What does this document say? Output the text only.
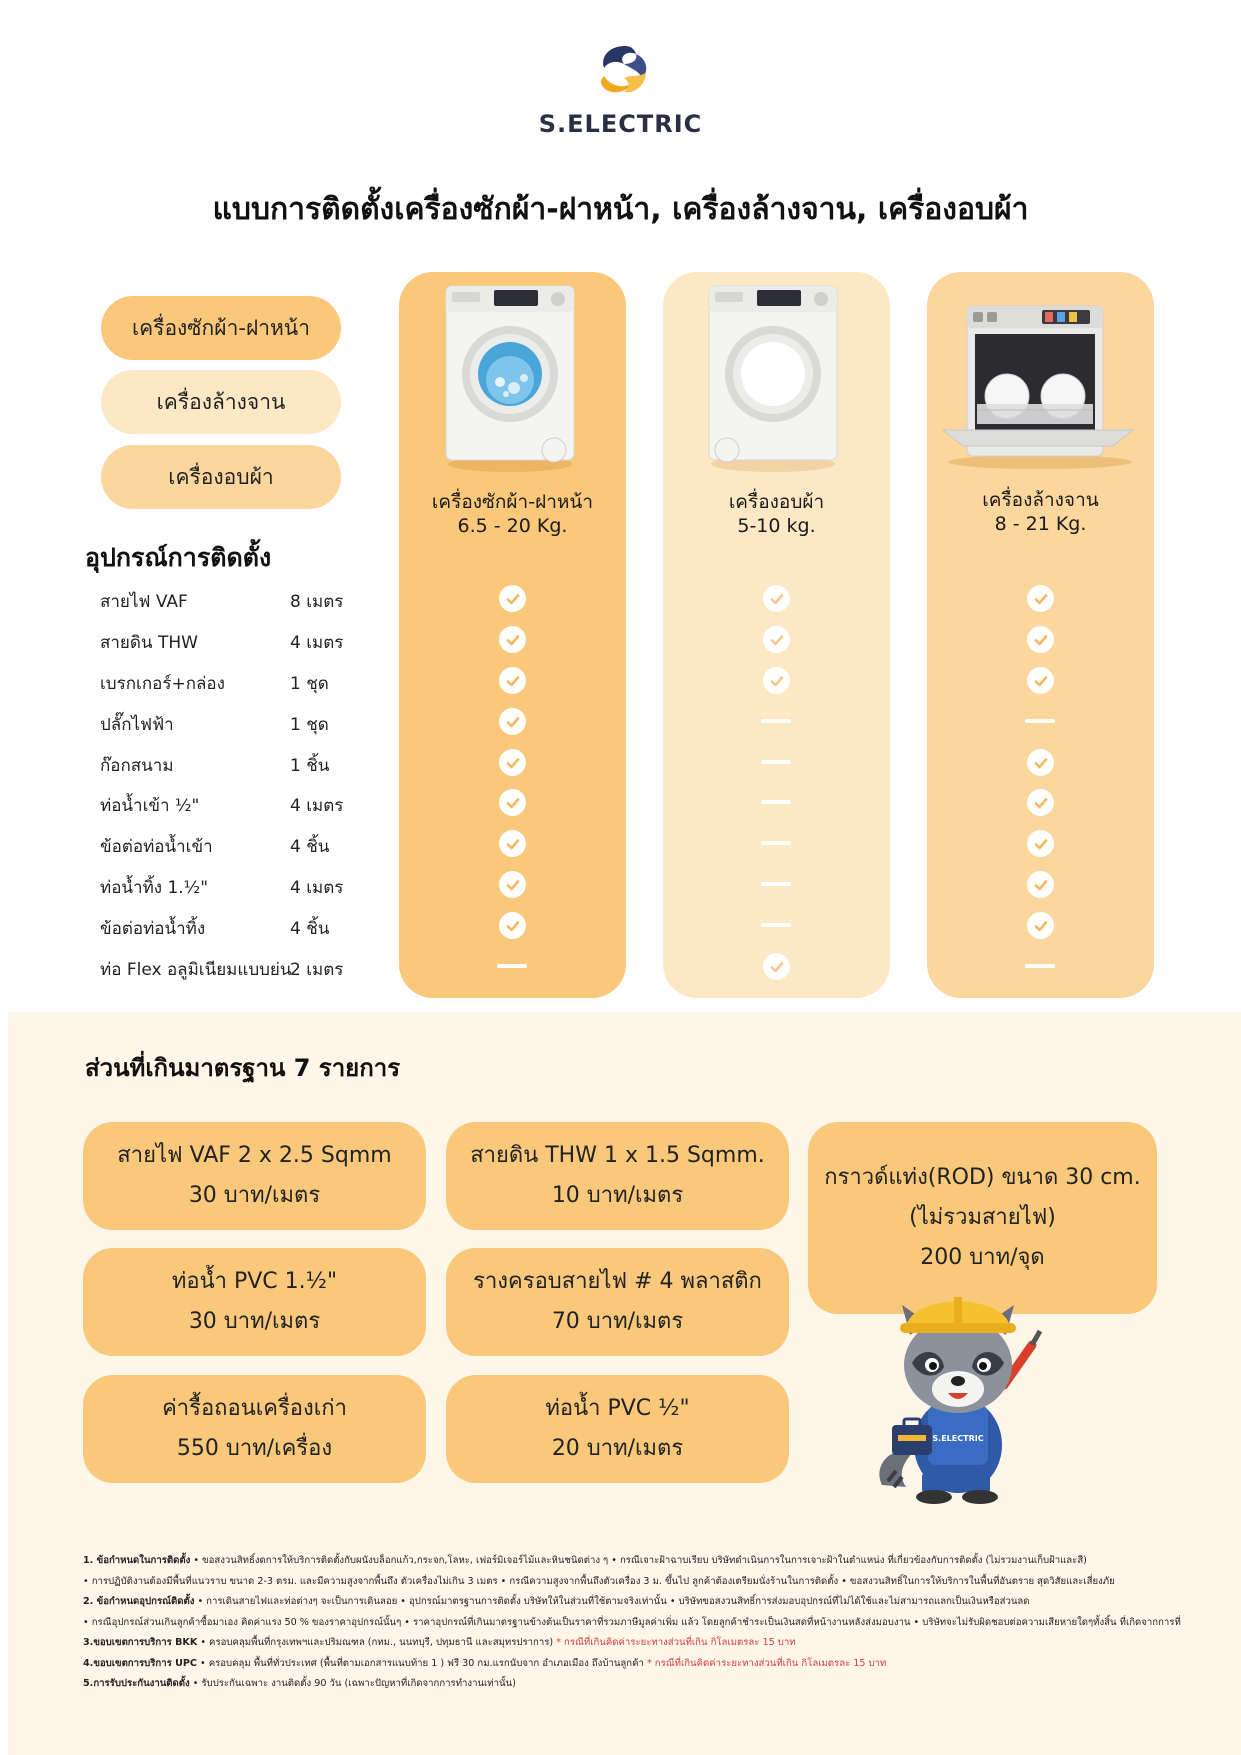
S.ELECTRIC
แบบการติดตั้งเครื่องซักผ้า-ฝาหน้า, เครื่องล้างจาน, เครื่องอบผ้า
เครื่องซักผ้า-ฝาหน้า
เครื่องล้างจาน
เครื่องอบผ้า
เครื่องซักผ้า-ฝาหน้า
6.5 - 20 Kg.
เครื่องอบผ้า
5-10 kg.
เครื่องล้างจาน
8 - 21 Kg.
อุปกรณ์การติดตั้ง
สายไฟ VAF	8 เมตร
สายดิน THW	4 เมตร
เบรกเกอร์+กล่อง	1 ชุด
ปลั๊กไฟฟ้า	1 ชุด
ก๊อกสนาม	1 ชิ้น
ท่อน้ำเข้า ½"	4 เมตร
ข้อต่อท่อน้ำเข้า	4 ชิ้น
ท่อน้ำทิ้ง 1.½"	4 เมตร
ข้อต่อท่อน้ำทิ้ง	4 ชิ้น
ท่อ Flex อลูมิเนียมแบบย่น
2 เมตร
ส่วนที่เกินมาตรฐาน 7 รายการ
สายไฟ VAF 2 x 2.5 Sqmm
30 บาท/เมตร
สายดิน THW 1 x 1.5 Sqmm.
10 บาท/เมตร
กราวด์แท่ง(ROD) ขนาด 30 cm.
(ไม่รวมสายไฟ)
200 บาท/จุด
ท่อน้ำ PVC 1.½"
30 บาท/เมตร
รางครอบสายไฟ # 4 พลาสติก
70 บาท/เมตร
ค่ารื้อถอนเครื่องเก่า
550 บาท/เครื่อง
ท่อน้ำ PVC ½"
20 บาท/เมตร	S.ELECTRIC
1. ข้อกำหนดในการติดตั้ง • ขอสงวนสิทธิ์งดการให้บริการติดตั้งกับผนังบล็อกแก้ว,กระจก,โลหะ, เฟอร์มิเจอร์ไม้และหินชนิดต่าง ๆ • กรณีเจาะฝ้าฉาบเรียบ บริษัทดำเนินการในการเจาะฝ้าในตำแหน่ง ที่เกี่ยวข้องกับการติดตั้ง (ไม่รวมงานเก็บฝ้าและสี)
• การปฏิบัติงานต้องมีพื้นที่แนวราบ ขนาด 2-3 ตรม. และมีความสูงจากพื้นถึง ตัวเครื่องไม่เกิน 3 เมตร • กรณีความสูงจากพื้นถึงตัวเครื่อง 3 ม. ขึ้นไป ลูกค้าต้องเตรียมนั่งร้านในการติดตั้ง • ขอสงวนสิทธิ์ในการให้บริการในพื้นที่อันตราย สุดวิสัยและเสี่ยงภัย
2. ข้อกำหนดอุปกรณ์ติดตั้ง • การเดินสายไฟและท่อต่างๆ จะเป็นการเดินลอย • อุปกรณ์มาตรฐานการติดตั้ง บริษัทให้ในส่วนที่ใช้ตามจริงเท่านั้น • บริษัทขอสงวนสิทธิ์การส่งมอบอุปกรณ์ที่ไม่ได้ใช้และไม่สามารถแลกเป็นเงินหรือส่วนลด
• กรณีอุปกรณ์ส่วนเกินลูกค้าซื้อมาเอง คิดค่าแรง 50 % ของราคาอุปกรณ์นั้นๆ • ราคาอุปกรณ์ที่เกินมาตรฐานข้างต้นเป็นราคาที่รวมภาษีมูลค่าเพิ่ม แล้ว โดยลูกค้าชำระเป็นเงินสดที่หน้างานหลังส่งมอบงาน • บริษัทจะไม่รับผิดชอบต่อความเสียหายใดๆทั้งสิ้น ที่เกิดจากการที่
3.ขอบเขตการบริการ BKK • ครอบคลุมพื้นที่กรุงเทพฯและปริมณฑล (กทม., นนทบุรี, ปทุมธานี และสมุทรปราการ) * กรณีที่เกินคิดค่าระยะทางส่วนที่เกิน กิโลเมตรละ 15 บาท
4.ขอบเขตการบริการ UPC • ครอบคลุม พื้นที่ทั่วประเทศ (พื้นที่ตามเอกสารแนบท้าย 1 ) ฟรี 30 กม.แรกนับจาก อำเภอเมือง ถึงบ้านลูกค้า * กรณีที่เกินคิดค่าระยะทางส่วนที่เกิน กิโลเมตรละ 15 บาท
5.การรับประกันงานติดตั้ง • รับประกันเฉพาะ งานติดตั้ง 90 วัน (เฉพาะปัญหาที่เกิดจากการทำงานเท่านั้น)
